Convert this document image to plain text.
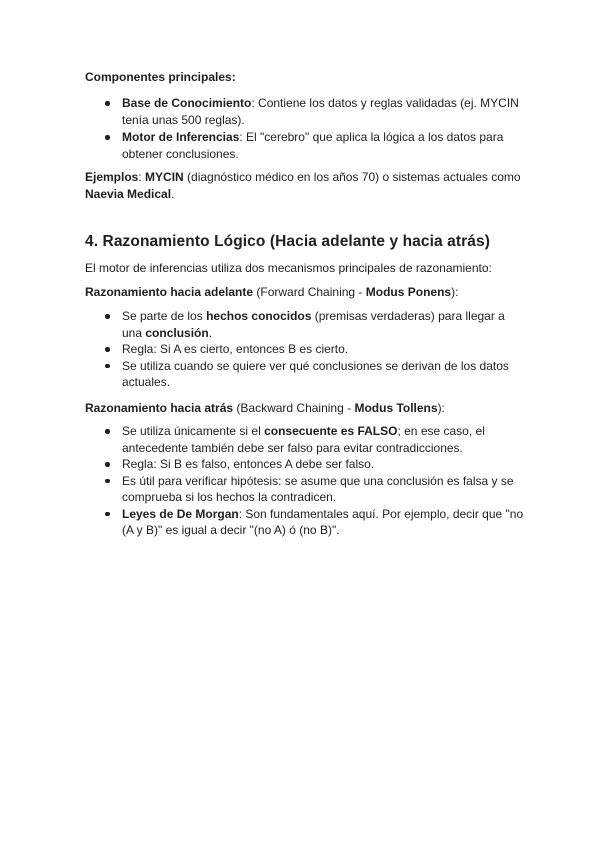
Componentes principales:

Base de Conocimiento: Contiene los datos y reglas validadas (ej. MYCIN tenía unas 500 reglas).
Motor de Inferencias: El "cerebro" que aplica la lógica a los datos para obtener conclusiones.

Ejemplos: MYCIN (diagnóstico médico en los años 70) o sistemas actuales como Naevia Medical.

4. Razonamiento Lógico (Hacia adelante y hacia atrás)

El motor de inferencias utiliza dos mecanismos principales de razonamiento:

Razonamiento hacia adelante (Forward Chaining - Modus Ponens):

Se parte de los hechos conocidos (premisas verdaderas) para llegar a una conclusión.
Regla: Si A es cierto, entonces B es cierto.
Se utiliza cuando se quiere ver qué conclusiones se derivan de los datos actuales.

Razonamiento hacia atrás (Backward Chaining - Modus Tollens):

Se utiliza únicamente si el consecuente es FALSO; en ese caso, el antecedente también debe ser falso para evitar contradicciones.
Regla: Si B es falso, entonces A debe ser falso.
Es útil para verificar hipótesis: se asume que una conclusión es falsa y se comprueba si los hechos la contradicen.
Leyes de De Morgan: Son fundamentales aquí. Por ejemplo, decir que "no (A y B)" es igual a decir "(no A) ó (no B)".
